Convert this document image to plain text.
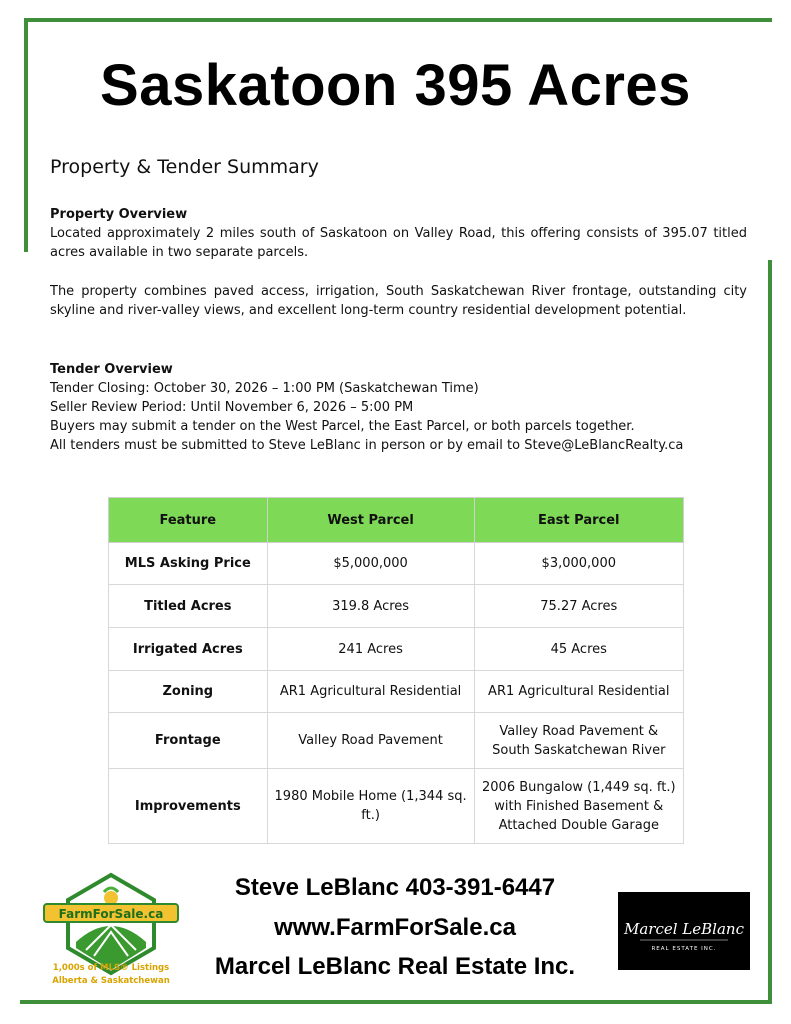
Saskatoon 395 Acres
Property & Tender Summary
Property Overview

Located approximately 2 miles south of Saskatoon on Valley Road, this offering consists of 395.07 titled acres available in two separate parcels.

The property combines paved access, irrigation, South Saskatchewan River frontage, outstanding city skyline and river-valley views, and excellent long-term country residential development potential.

Tender Overview
Tender Closing: October 30, 2026 – 1:00 PM (Saskatchewan Time)
Seller Review Period: Until November 6, 2026 – 5:00 PM
Buyers may submit a tender on the West Parcel, the East Parcel, or both parcels together.
All tenders must be submitted to Steve LeBlanc in person or by email to Steve@LeBlancRealty.ca
Feature	West Parcel	East Parcel
MLS Asking Price	$5,000,000	$3,000,000
Titled Acres	319.8 Acres	75.27 Acres
Irrigated Acres	241 Acres	45 Acres
Zoning	AR1 Agricultural Residential	AR1 Agricultural Residential
Frontage	Valley Road Pavement	Valley Road Pavement & South Saskatchewan River
Improvements	1980 Mobile Home (1,344 sq. ft.)	2006 Bungalow (1,449 sq. ft.) with Finished Basement & Attached Double Garage
Steve LeBlanc 403-391-6447
www.FarmForSale.ca
Marcel LeBlanc Real Estate Inc.
FarmForSale.ca
1,000s of MLS® Listings
Alberta & Saskatchewan
Marcel LeBlanc
REAL ESTATE INC.
